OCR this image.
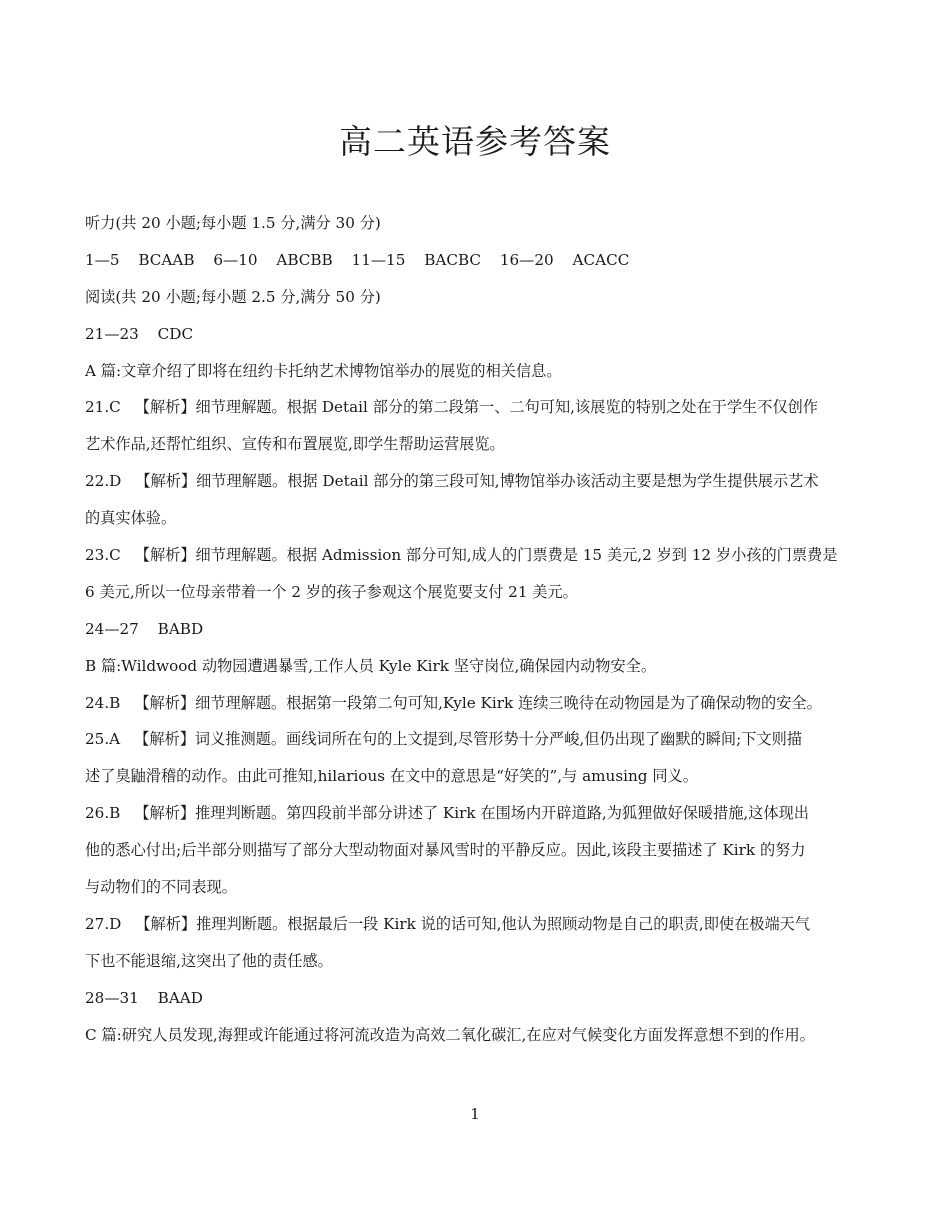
高二英语参考答案
听力(共 20 小题;每小题 1.5 分,满分 30 分)
1—5 BCAAB 6—10 ABCBB 11—15 BACBC 16—20 ACACC
阅读(共 20 小题;每小题 2.5 分,满分 50 分)
21—23 CDC
A 篇:文章介绍了即将在纽约卡托纳艺术博物馆举办的展览的相关信息。
21.C 【解析】细节理解题。根据 Detail 部分的第二段第一、二句可知,该展览的特别之处在于学生不仅创作
艺术作品,还帮忙组织、宣传和布置展览,即学生帮助运营展览。
22.D 【解析】细节理解题。根据 Detail 部分的第三段可知,博物馆举办该活动主要是想为学生提供展示艺术
的真实体验。
23.C 【解析】细节理解题。根据 Admission 部分可知,成人的门票费是 15 美元,2 岁到 12 岁小孩的门票费是
6 美元,所以一位母亲带着一个 2 岁的孩子参观这个展览要支付 21 美元。
24—27 BABD
B 篇:Wildwood 动物园遭遇暴雪,工作人员 Kyle Kirk 坚守岗位,确保园内动物安全。
24.B 【解析】细节理解题。根据第一段第二句可知,Kyle Kirk 连续三晚待在动物园是为了确保动物的安全。
25.A 【解析】词义推测题。画线词所在句的上文提到,尽管形势十分严峻,但仍出现了幽默的瞬间;下文则描
述了臭鼬滑稽的动作。由此可推知,hilarious 在文中的意思是“好笑的”,与 amusing 同义。
26.B 【解析】推理判断题。第四段前半部分讲述了 Kirk 在围场内开辟道路,为狐狸做好保暖措施,这体现出
他的悉心付出;后半部分则描写了部分大型动物面对暴风雪时的平静反应。因此,该段主要描述了 Kirk 的努力
与动物们的不同表现。
27.D 【解析】推理判断题。根据最后一段 Kirk 说的话可知,他认为照顾动物是自己的职责,即使在极端天气
下也不能退缩,这突出了他的责任感。
28—31 BAAD
C 篇:研究人员发现,海狸或许能通过将河流改造为高效二氧化碳汇,在应对气候变化方面发挥意想不到的作用。
1
